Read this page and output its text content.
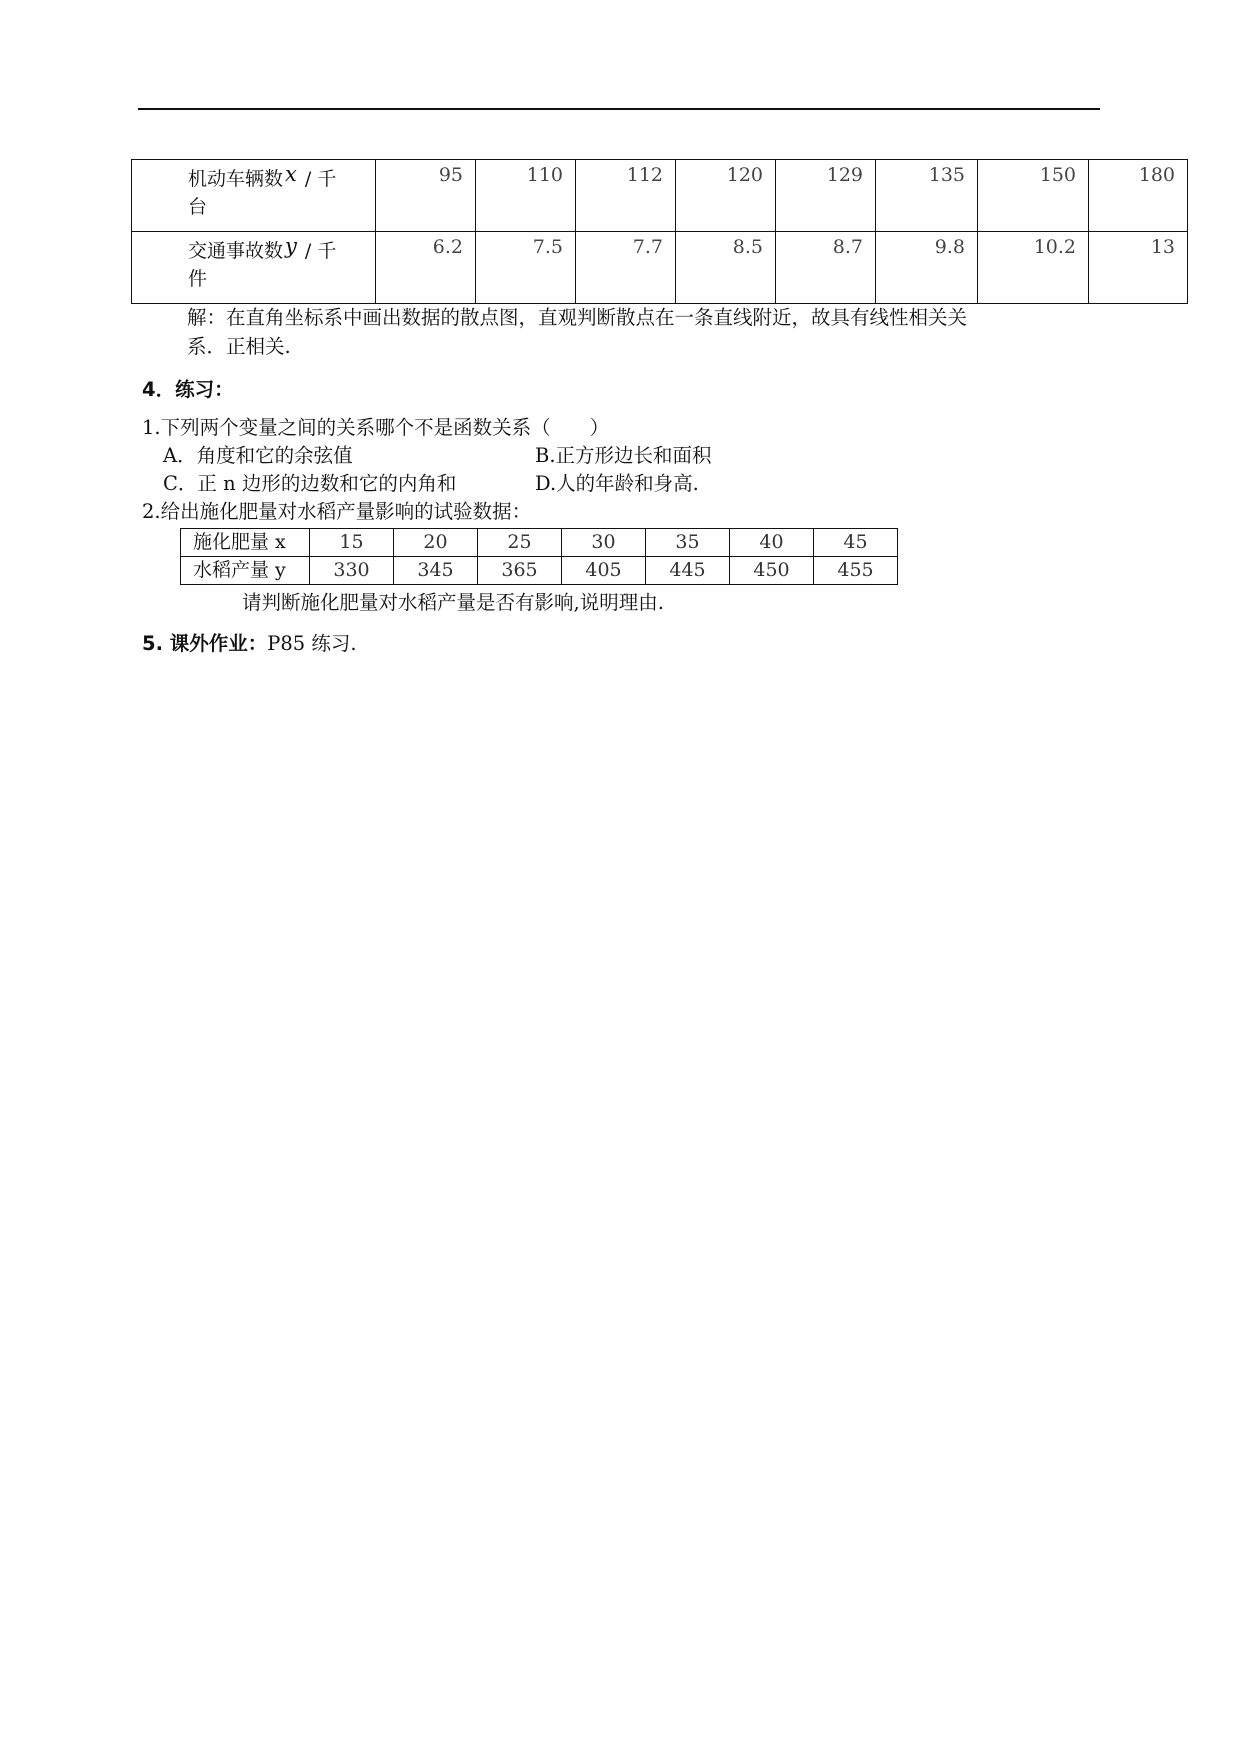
机动车辆数x / 千
台	95	110	112	120	129	135	150	180
交通事故数y / 千
件	6.2	7.5	7.7	8.5	8.7	9.8	10.2	13
解：在直角坐标系中画出数据的散点图，直观判断散点在一条直线附近，故具有线性相关关
系．正相关.
4．练习：
1.下列两个变量之间的关系哪个不是函数关系（　　）
A．角度和它的余弦值	B.正方形边长和面积
C．正 n 边形的边数和它的内角和	D.人的年龄和身高.
2.给出施化肥量对水稻产量影响的试验数据：
施化肥量 x	15	20	25	30	35	40	45
水稻产量 y	330	345	365	405	445	450	455
请判断施化肥量对水稻产量是否有影响,说明理由.
5. 课外作业：P85 练习.
